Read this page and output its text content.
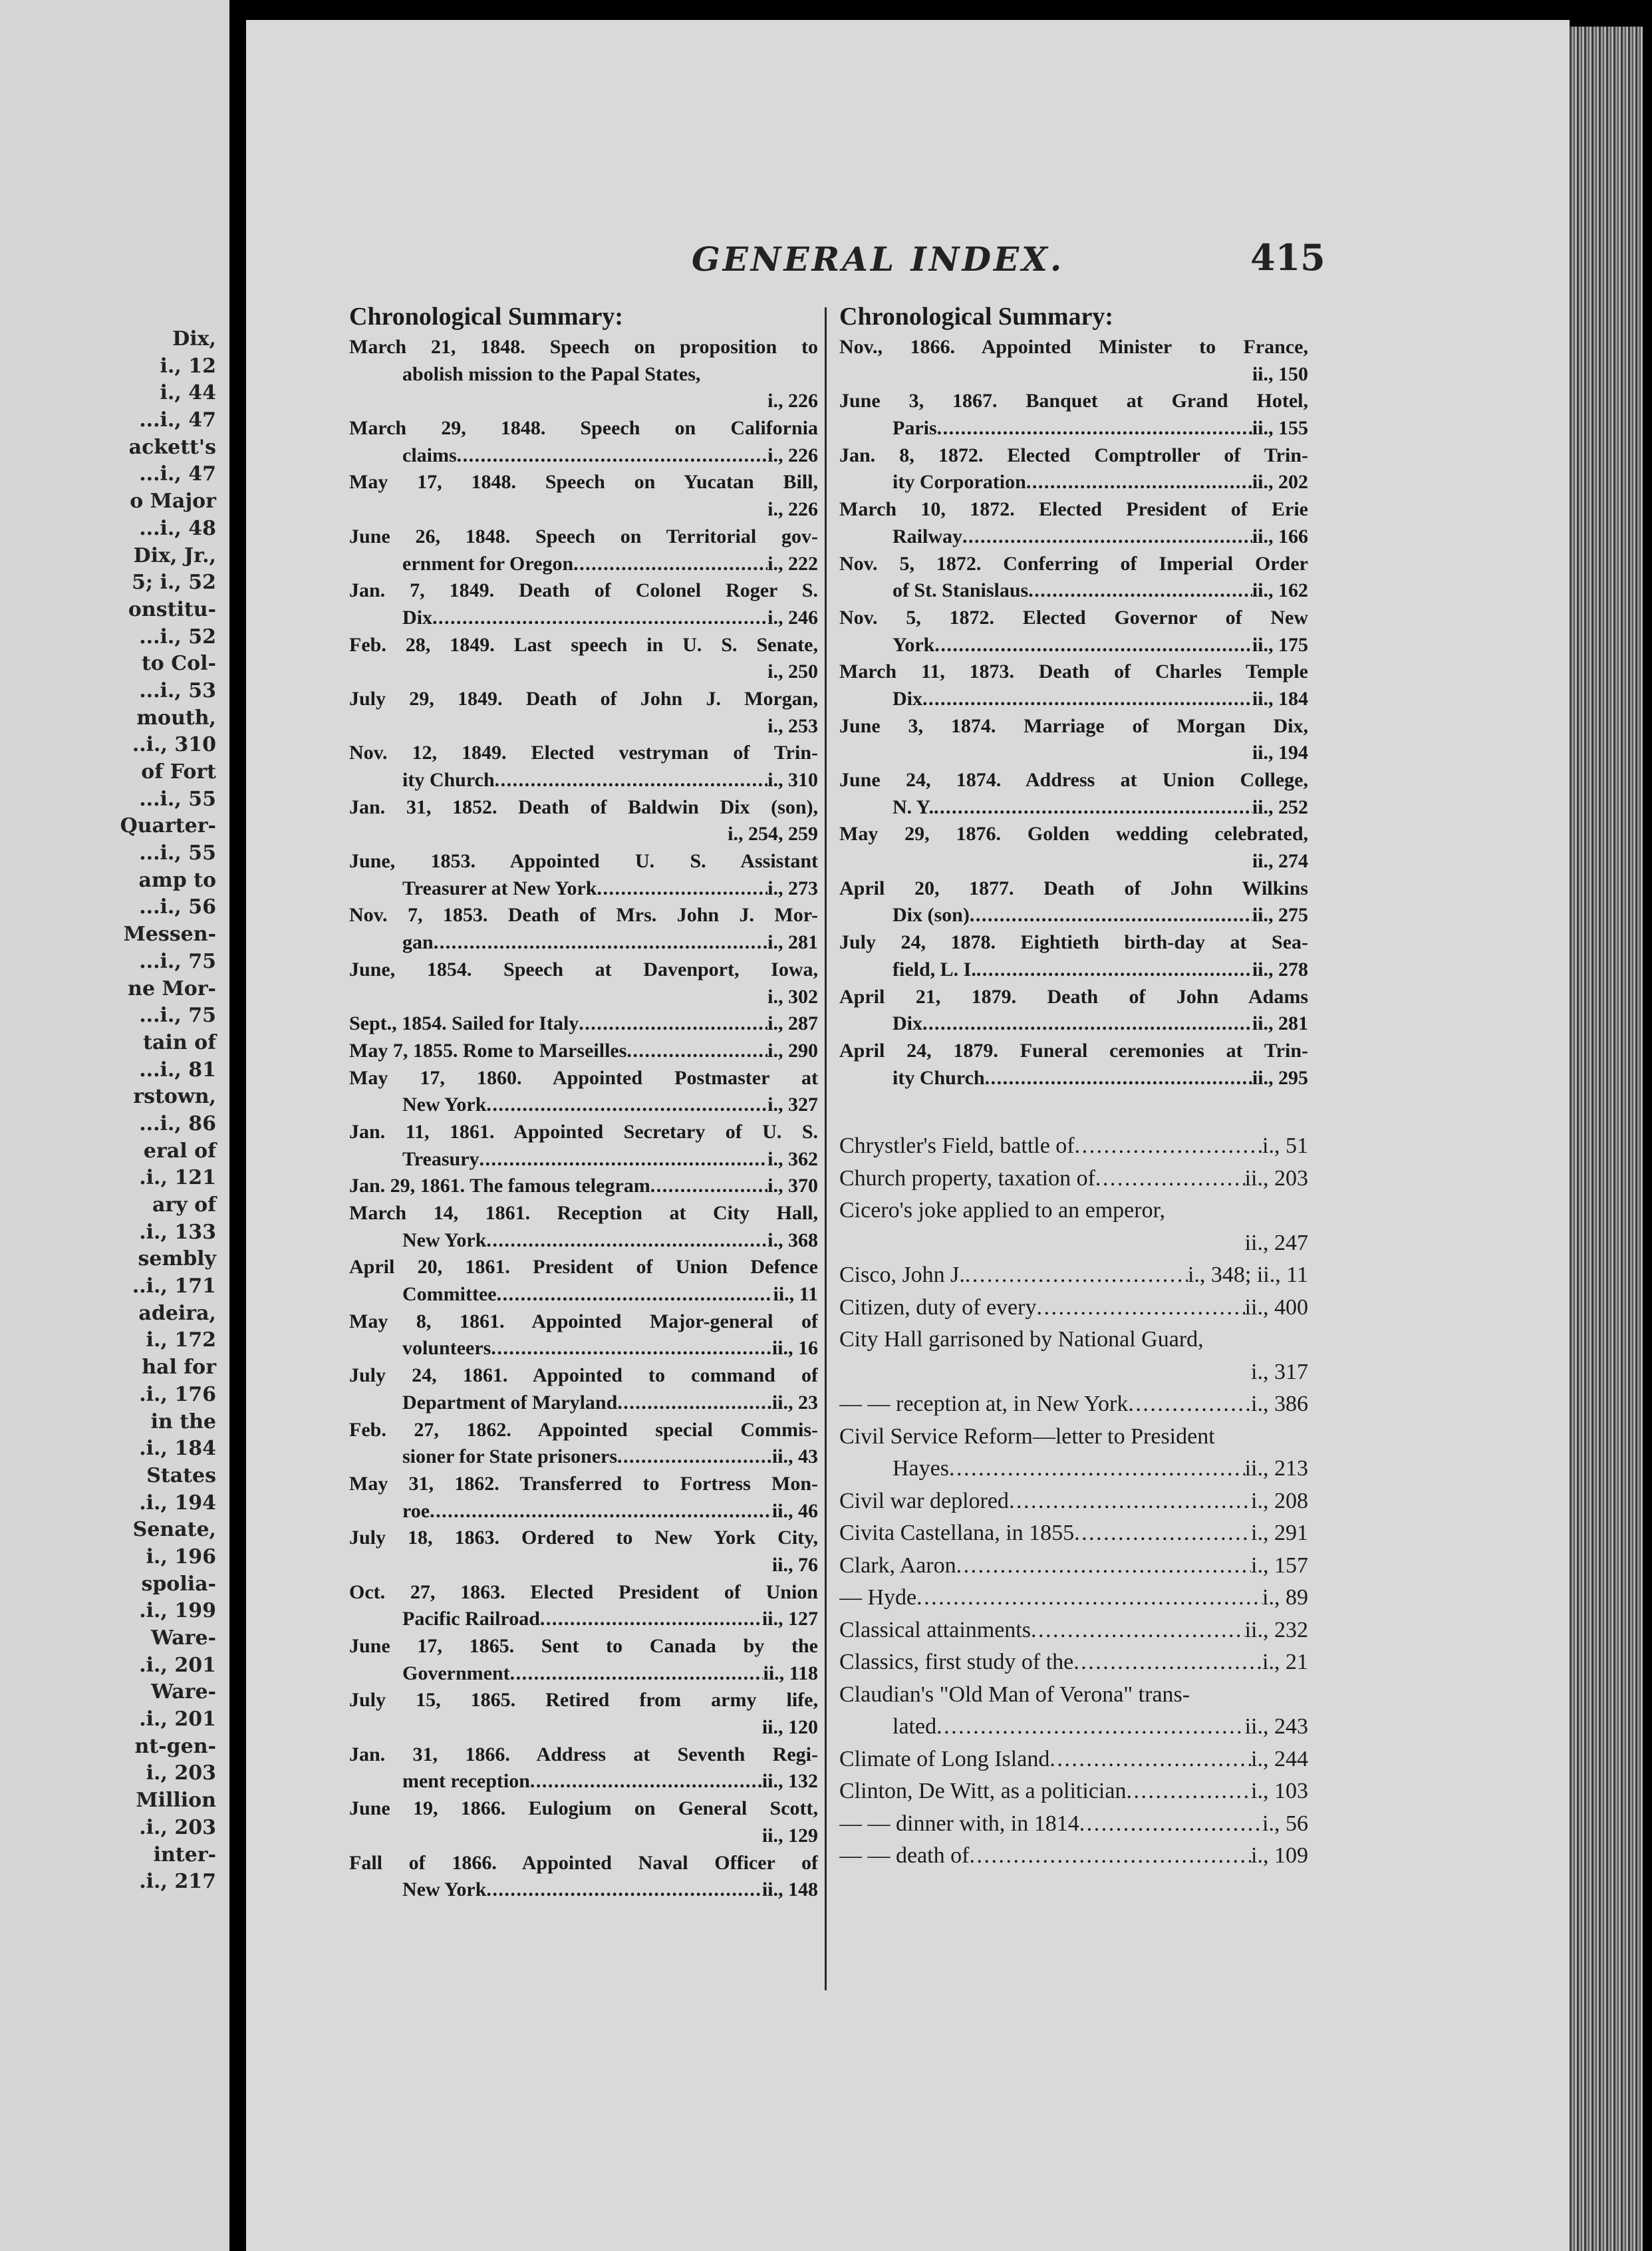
Dix,
i., 12
i., 44
...i., 47
ackett's
...i., 47
o Major
...i., 48
Dix, Jr.,
5; i., 52
onstitu-
...i., 52
to Col-
...i., 53
mouth,
..i., 310
of Fort
...i., 55
Quarter-
...i., 55
amp to
...i., 56
Messen-
...i., 75
ne Mor-
...i., 75
tain of
...i., 81
rstown,
...i., 86
eral of
.i., 121
ary of
.i., 133
sembly
..i., 171
adeira,
i., 172
hal for
.i., 176
in the
.i., 184
States
.i., 194
Senate,
i., 196
spolia-
.i., 199
Ware-
.i., 201
Ware-
.i., 201
nt-gen-
i., 203
Million
.i., 203
inter-
.i., 217
GENERAL INDEX.	415
Chronological Summary:
March 21, 1848. Speech on proposition to
abolish mission to the Papal States,
i., 226
March 29, 1848. Speech on California
claims . . .	i., 226
May 17, 1848. Speech on Yucatan Bill,
i., 226
June 26, 1848. Speech on Territorial gov-
ernment for Oregon . . .	i., 222
Jan. 7, 1849. Death of Colonel Roger S.
Dix . . .	i., 246
Feb. 28, 1849. Last speech in U. S. Senate,
i., 250
July 29, 1849. Death of John J. Morgan,
i., 253
Nov. 12, 1849. Elected vestryman of Trin-
ity Church . . .	i., 310
Jan. 31, 1852. Death of Baldwin Dix (son),
i., 254, 259
June, 1853. Appointed U. S. Assistant
Treasurer at New York . . .	i., 273
Nov. 7, 1853. Death of Mrs. John J. Mor-
gan . . .	i., 281
June, 1854. Speech at Davenport, Iowa,
i., 302
Sept., 1854. Sailed for Italy . . .	i., 287
May 7, 1855. Rome to Marseilles . . .	i., 290
May 17, 1860. Appointed Postmaster at
New York . . .	i., 327
Jan. 11, 1861. Appointed Secretary of U. S.
Treasury . . .	i., 362
Jan. 29, 1861. The famous telegram . . .	i., 370
March 14, 1861. Reception at City Hall,
New York . . .	i., 368
April 20, 1861. President of Union Defence
Committee . . .	ii., 11
May 8, 1861. Appointed Major-general of
volunteers . . .	ii., 16
July 24, 1861. Appointed to command of
Department of Maryland . . .	ii., 23
Feb. 27, 1862. Appointed special Commis-
sioner for State prisoners . . .	ii., 43
May 31, 1862. Transferred to Fortress Mon-
roe . . .	ii., 46
July 18, 1863. Ordered to New York City,
ii., 76
Oct. 27, 1863. Elected President of Union
Pacific Railroad . . .	ii., 127
June 17, 1865. Sent to Canada by the
Government . . .	ii., 118
July 15, 1865. Retired from army life,
ii., 120
Jan. 31, 1866. Address at Seventh Regi-
ment reception . . .	ii., 132
June 19, 1866. Eulogium on General Scott,
ii., 129
Fall of 1866. Appointed Naval Officer of
New York . . .	ii., 148
Chronological Summary:
Nov., 1866. Appointed Minister to France,
ii., 150
June 3, 1867. Banquet at Grand Hotel,
Paris . . .	ii., 155
Jan. 8, 1872. Elected Comptroller of Trin-
ity Corporation . . .	ii., 202
March 10, 1872. Elected President of Erie
Railway . . .	ii., 166
Nov. 5, 1872. Conferring of Imperial Order
of St. Stanislaus . . .	ii., 162
Nov. 5, 1872. Elected Governor of New
York . . .	ii., 175
March 11, 1873. Death of Charles Temple
Dix . . .	ii., 184
June 3, 1874. Marriage of Morgan Dix,
ii., 194
June 24, 1874. Address at Union College,
N. Y. . . .	ii., 252
May 29, 1876. Golden wedding celebrated,
ii., 274
April 20, 1877. Death of John Wilkins
Dix (son) . . .	ii., 275
July 24, 1878. Eightieth birth-day at Sea-
field, L. I. . . .	ii., 278
April 21, 1879. Death of John Adams
Dix . . .	ii., 281
April 24, 1879. Funeral ceremonies at Trin-
ity Church . . .	ii., 295
Chrystler's Field, battle of . . .	i., 51
Church property, taxation of . . .	ii., 203
Cicero's joke applied to an emperor,
ii., 247
Cisco, John J. . . .	i., 348; ii., 11
Citizen, duty of every . . .	ii., 400
City Hall garrisoned by National Guard,
i., 317
— — reception at, in New York . . .	i., 386
Civil Service Reform—letter to President
Hayes . . .	ii., 213
Civil war deplored . . .	i., 208
Civita Castellana, in 1855 . . .	i., 291
Clark, Aaron . . .	i., 157
— Hyde . . .	i., 89
Classical attainments . . .	ii., 232
Classics, first study of the . . .	i., 21
Claudian's "Old Man of Verona" trans-
lated . . .	ii., 243
Climate of Long Island . . .	i., 244
Clinton, De Witt, as a politician . . .	i., 103
— — dinner with, in 1814 . . .	i., 56
— — death of . . .	i., 109
